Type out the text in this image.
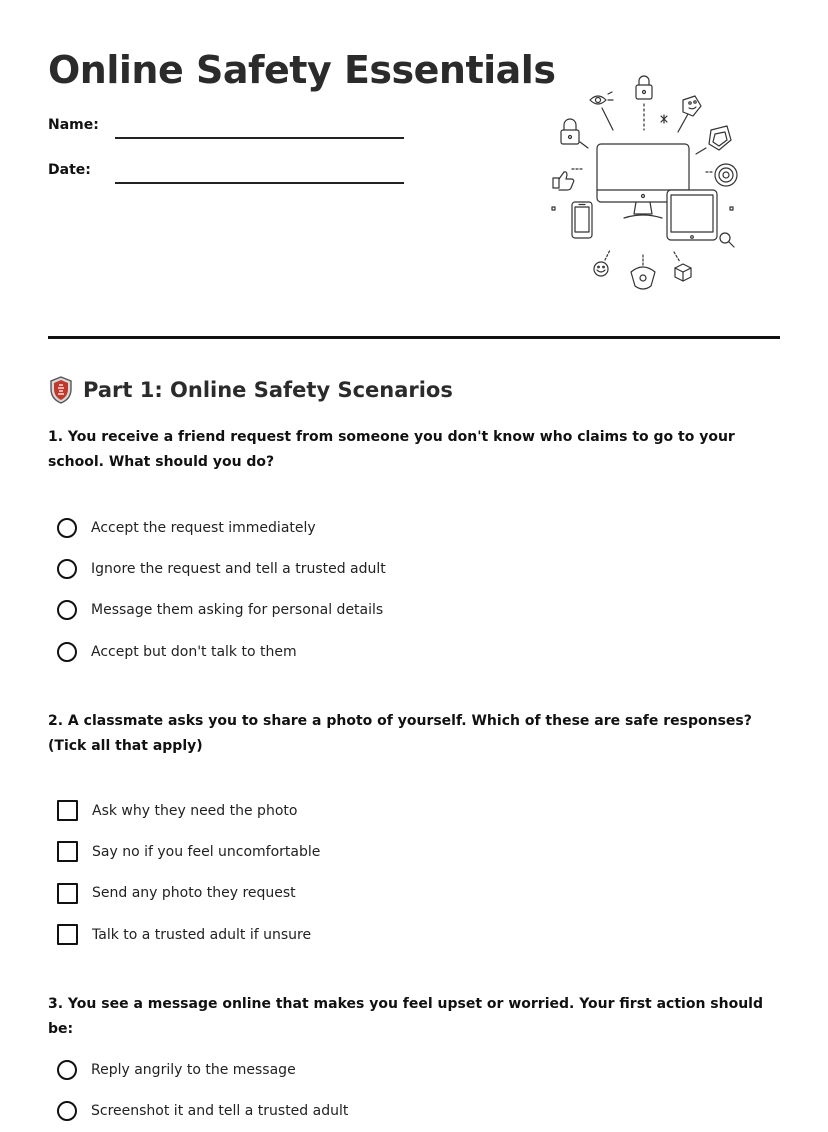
Online Safety Essentials
Name:
Date:
Part 1: Online Safety Scenarios

1. You receive a friend request from someone you don't know who claims to go to your school. What should you do?

Accept the request immediately
Ignore the request and tell a trusted adult
Message them asking for personal details
Accept but don't talk to them

2. A classmate asks you to share a photo of yourself. Which of these are safe responses? (Tick all that apply)

Ask why they need the photo
Say no if you feel uncomfortable
Send any photo they request
Talk to a trusted adult if unsure

3. You see a message online that makes you feel upset or worried. Your first action should be:

Reply angrily to the message
Screenshot it and tell a trusted adult
